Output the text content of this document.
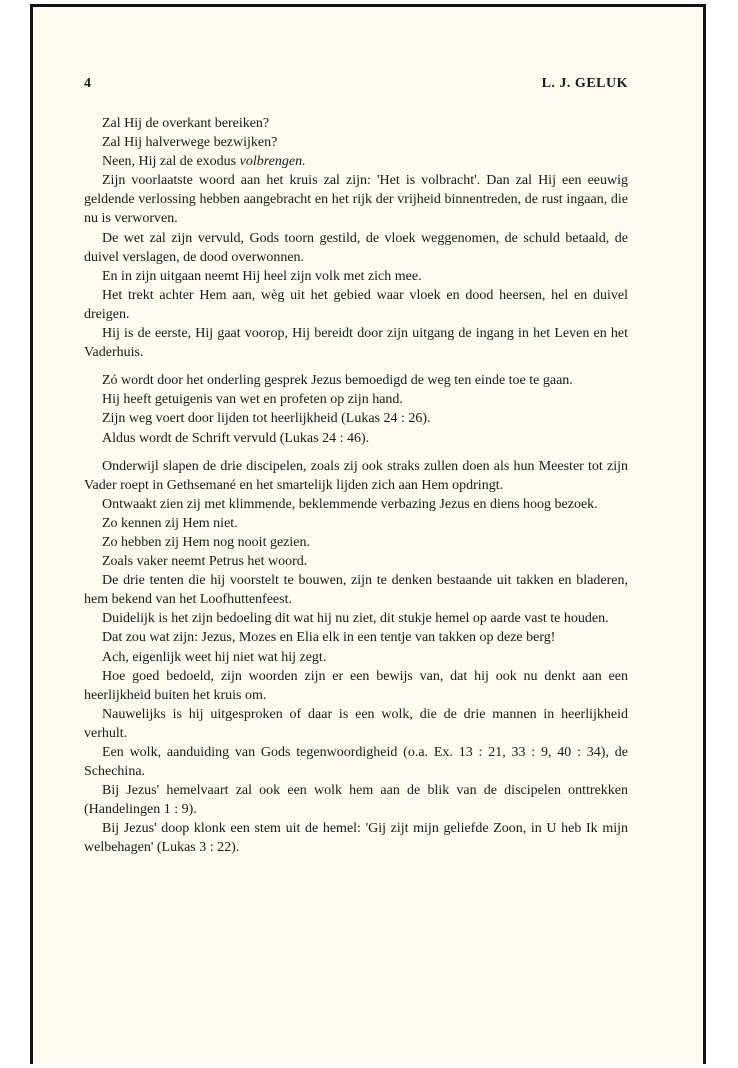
4	L. J. GELUK

Zal Hij de overkant bereiken?

Zal Hij halverwege bezwijken?

Neen, Hij zal de exodus volbrengen.

Zijn voorlaatste woord aan het kruis zal zijn: 'Het is volbracht'. Dan zal Hij een eeuwig geldende verlossing hebben aangebracht en het rijk der vrijheid binnentreden, de rust ingaan, die nu is verworven.

De wet zal zijn vervuld, Gods toorn gestild, de vloek weggenomen, de schuld betaald, de duivel verslagen, de dood overwonnen.

En in zijn uitgaan neemt Hij heel zijn volk met zich mee.

Het trekt achter Hem aan, wèg uit het gebied waar vloek en dood heersen, hel en duivel dreigen.

Hij is de eerste, Hij gaat voorop, Hij bereidt door zijn uitgang de ingang in het Leven en het Vaderhuis.

Zó wordt door het onderling gesprek Jezus bemoedigd de weg ten einde toe te gaan.

Hij heeft getuigenis van wet en profeten op zijn hand.

Zijn weg voert door lijden tot heerlijkheid (Lukas 24 : 26).

Aldus wordt de Schrift vervuld (Lukas 24 : 46).

Onderwijl slapen de drie discipelen, zoals zij ook straks zullen doen als hun Meester tot zijn Vader roept in Gethsemané en het smartelijk lijden zich aan Hem opdringt.

Ontwaakt zien zij met klimmende, beklemmende verbazing Jezus en diens hoog bezoek.

Zo kennen zij Hem niet.

Zo hebben zij Hem nog nooit gezien.

Zoals vaker neemt Petrus het woord.

De drie tenten die hij voorstelt te bouwen, zijn te denken bestaande uit takken en bladeren, hem bekend van het Loofhuttenfeest.

Duidelijk is het zijn bedoeling dit wat hij nu ziet, dit stukje hemel op aarde vast te houden.

Dat zou wat zijn: Jezus, Mozes en Elia elk in een tentje van takken op deze berg!

Ach, eigenlijk weet hij niet wat hij zegt.

Hoe goed bedoeld, zijn woorden zijn er een bewijs van, dat hij ook nu denkt aan een heerlijkheid buiten het kruis om.

Nauwelijks is hij uitgesproken of daar is een wolk, die de drie mannen in heerlijkheid verhult.

Een wolk, aanduiding van Gods tegenwoordigheid (o.a. Ex. 13 : 21, 33 : 9, 40 : 34), de Schechina.

Bij Jezus' hemelvaart zal ook een wolk hem aan de blik van de discipelen onttrekken (Handelingen 1 : 9).

Bij Jezus' doop klonk een stem uit de hemel: 'Gij zijt mijn geliefde Zoon, in U heb Ik mijn welbehagen' (Lukas 3 : 22).
